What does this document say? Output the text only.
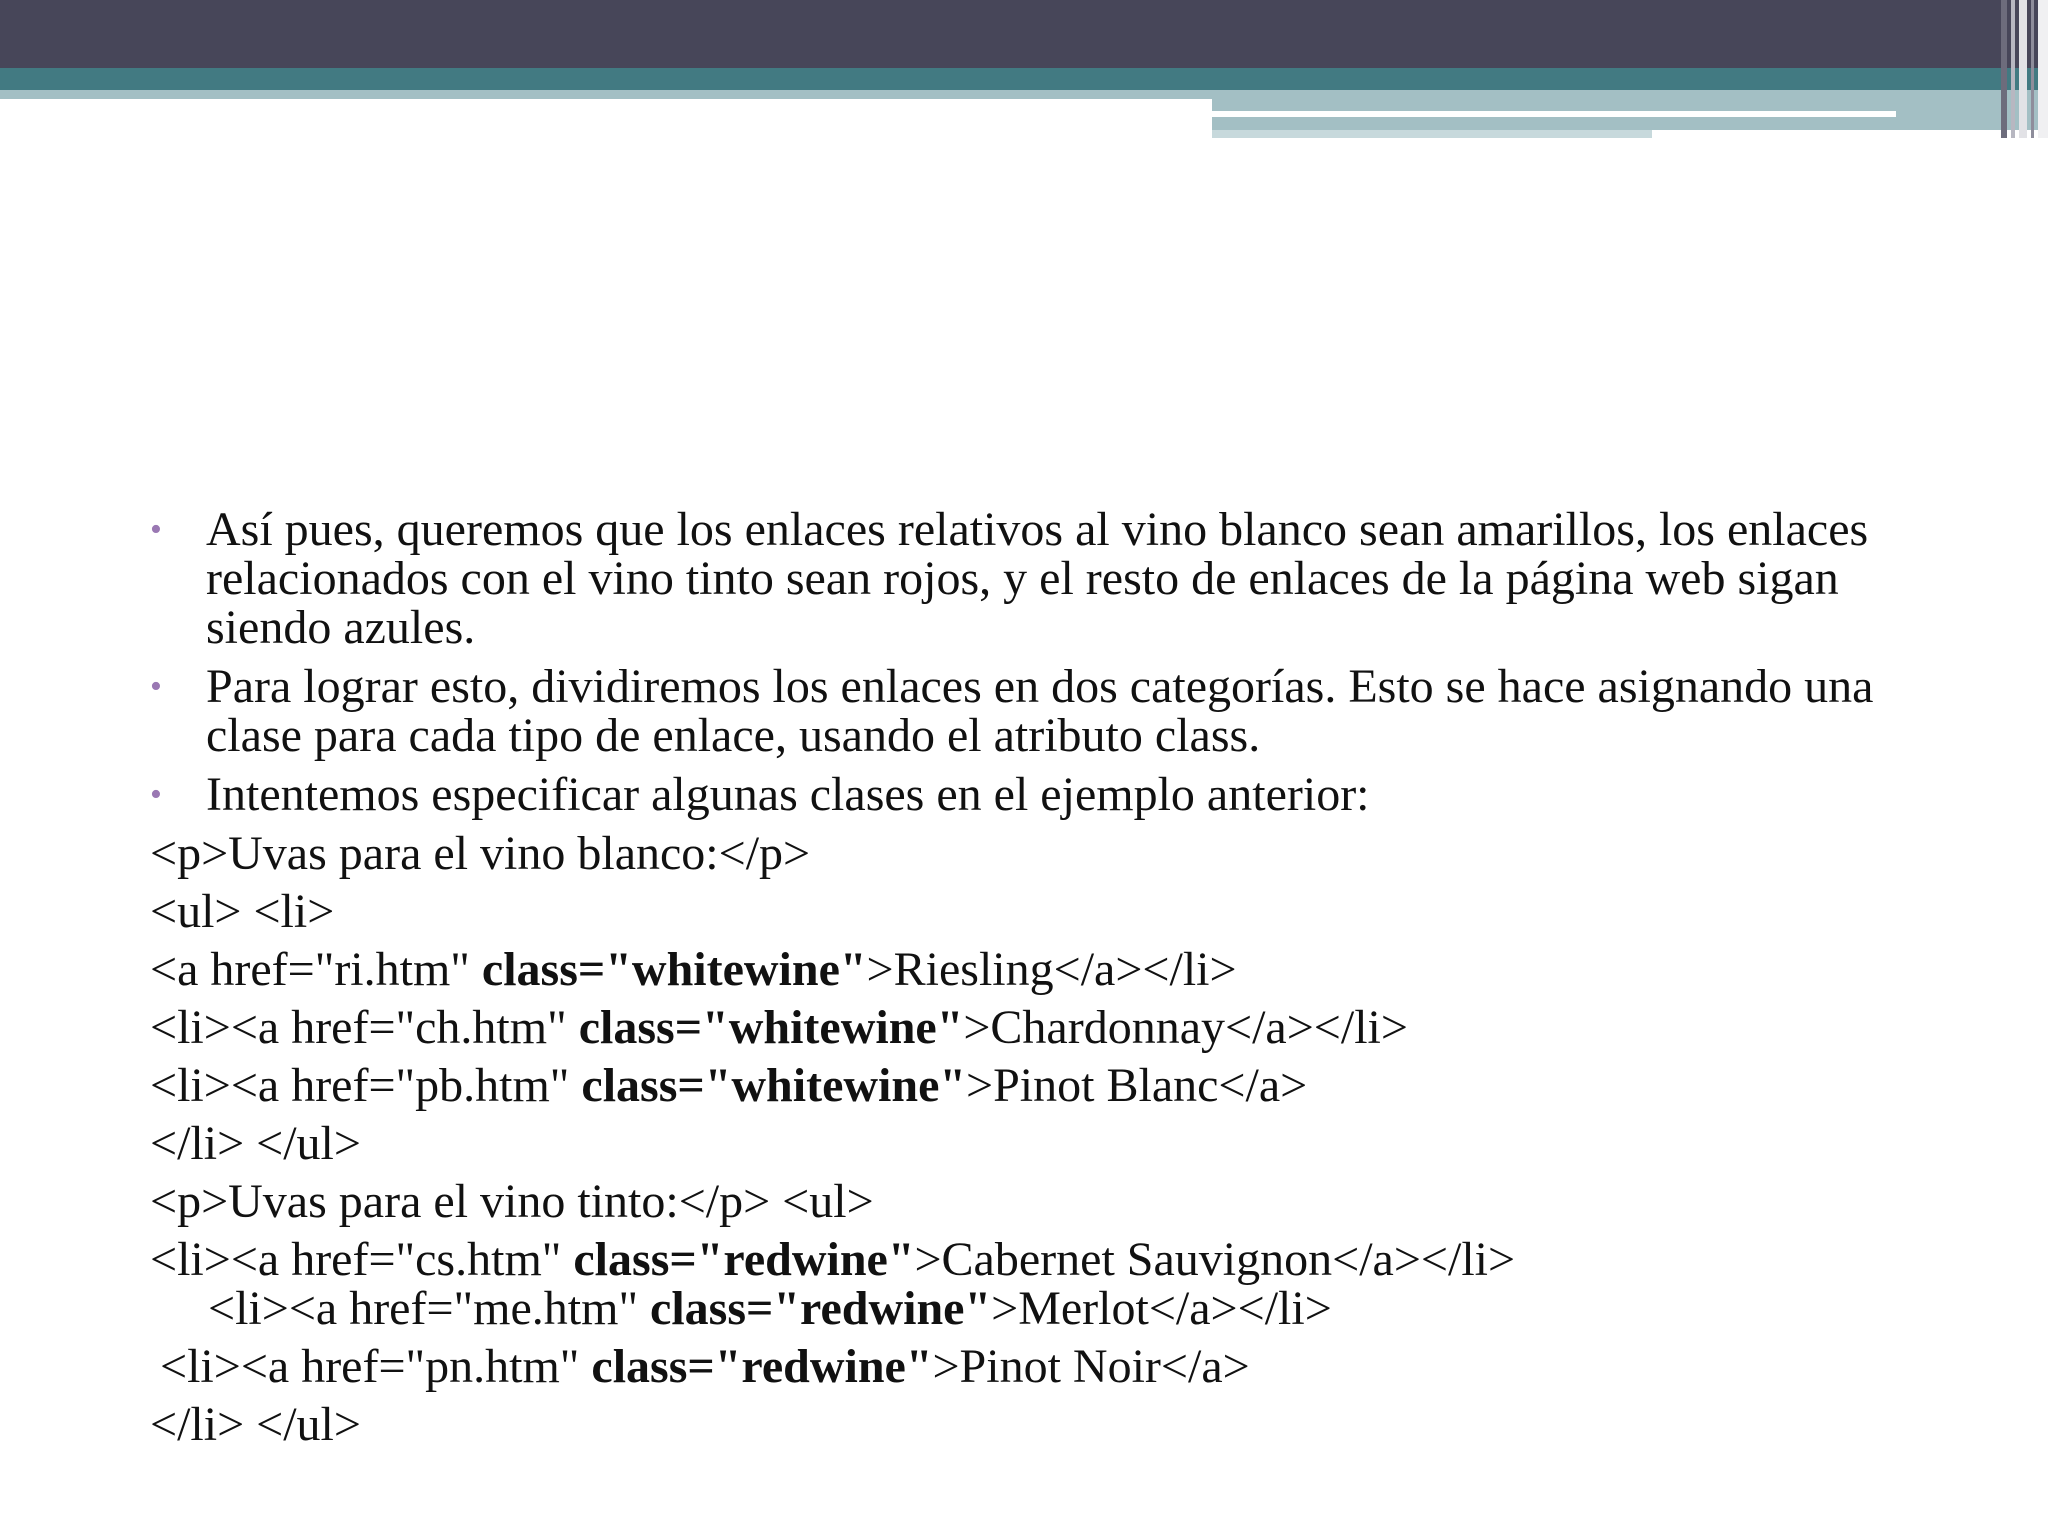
• Así pues, queremos que los enlaces relativos al vino blanco sean amarillos, los enlaces relacionados con el vino tinto sean rojos, y el resto de enlaces de la página web sigan siendo azules.
• Para lograr esto, dividiremos los enlaces en dos categorías. Esto se hace asignando una clase para cada tipo de enlace, usando el atributo class.
• Intentemos especificar algunas clases en el ejemplo anterior:
<p>Uvas para el vino blanco:</p>
<ul> <li>
<a href="ri.htm" class="whitewine">Riesling</a></li>
<li><a href="ch.htm" class="whitewine">Chardonnay</a></li>
<li><a href="pb.htm" class="whitewine">Pinot Blanc</a>
</li> </ul>
<p>Uvas para el vino tinto:</p> <ul>
<li><a href="cs.htm" class="redwine">Cabernet Sauvignon</a></li>
<li><a href="me.htm" class="redwine">Merlot</a></li>
<li><a href="pn.htm" class="redwine">Pinot Noir</a>
</li> </ul>
